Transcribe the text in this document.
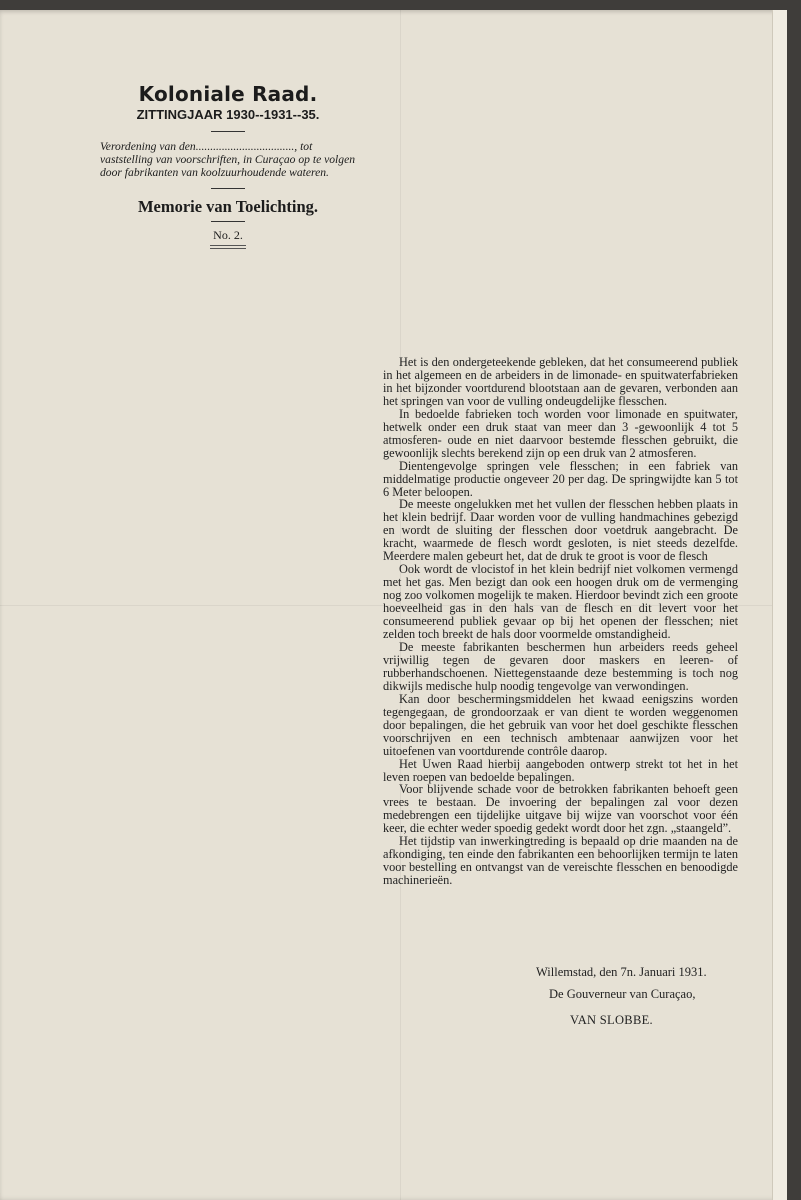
Koloniale Raad.
ZITTINGJAAR 1930--1931--35.

Verordening van den.................................., tot vaststelling van voorschriften, in Curaçao op te volgen door fabrikanten van koolzuurhoudende wateren.

Memorie van Toelichting.
No. 2.

Het is den ondergeteekende gebleken, dat het consumeerend publiek in het algemeen en de arbeiders in de limonade- en spuitwaterfabrieken in het bijzonder voortdurend blootstaan aan de gevaren, verbonden aan het springen van voor de vulling ondeugdelijke flesschen.

In bedoelde fabrieken toch worden voor limonade en spuitwater, hetwelk onder een druk staat van meer dan 3 -gewoonlijk 4 tot 5 atmosferen- oude en niet daarvoor bestemde flesschen gebruikt, die gewoonlijk slechts berekend zijn op een druk van 2 atmosferen.

Dientengevolge springen vele flesschen; in een fabriek van middelmatige productie ongeveer 20 per dag. De springwijdte kan 5 tot 6 Meter beloopen.

De meeste ongelukken met het vullen der flesschen hebben plaats in het klein bedrijf. Daar worden voor de vulling handmachines gebezigd en wordt de sluiting der flesschen door voetdruk aangebracht. De kracht, waarmede de flesch wordt gesloten, is niet steeds dezelfde. Meerdere malen gebeurt het, dat de druk te groot is voor de flesch

Ook wordt de vlocistof in het klein bedrijf niet volkomen vermengd met het gas. Men bezigt dan ook een hoogen druk om de vermenging nog zoo volkomen mogelijk te maken. Hierdoor bevindt zich een groote hoeveelheid gas in den hals van de flesch en dit levert voor het consumeerend publiek gevaar op bij het openen der flesschen; niet zelden toch breekt de hals door voormelde omstandigheid.

De meeste fabrikanten beschermen hun arbeiders reeds geheel vrijwillig tegen de gevaren door maskers en leeren- of rubberhandschoenen. Niettegenstaande deze bestemming is toch nog dikwijls medische hulp noodig tengevolge van verwondingen.

Kan door beschermingsmiddelen het kwaad eenigszins worden tegengegaan, de grondoorzaak er van dient te worden weggenomen door bepalingen, die het gebruik van voor het doel geschikte flesschen voorschrijven en een technisch ambtenaar aanwijzen voor het uitoefenen van voortdurende contrôle daarop.

Het Uwen Raad hierbij aangeboden ontwerp strekt tot het in het leven roepen van bedoelde bepalingen.

Voor blijvende schade voor de betrokken fabrikanten behoeft geen vrees te bestaan. De invoering der bepalingen zal voor dezen medebrengen een tijdelijke uitgave bij wijze van voorschot voor één keer, die echter weder spoedig gedekt wordt door het zgn. „staangeld”.

Het tijdstip van inwerkingtreding is bepaald op drie maanden na de afkondiging, ten einde den fabrikanten een behoorlijken termijn te laten voor bestelling en ontvangst van de vereischte flesschen en benoodigde machinerieën.

Willemstad, den 7n. Januari 1931.
De Gouverneur van Curaçao,
VAN SLOBBE.
